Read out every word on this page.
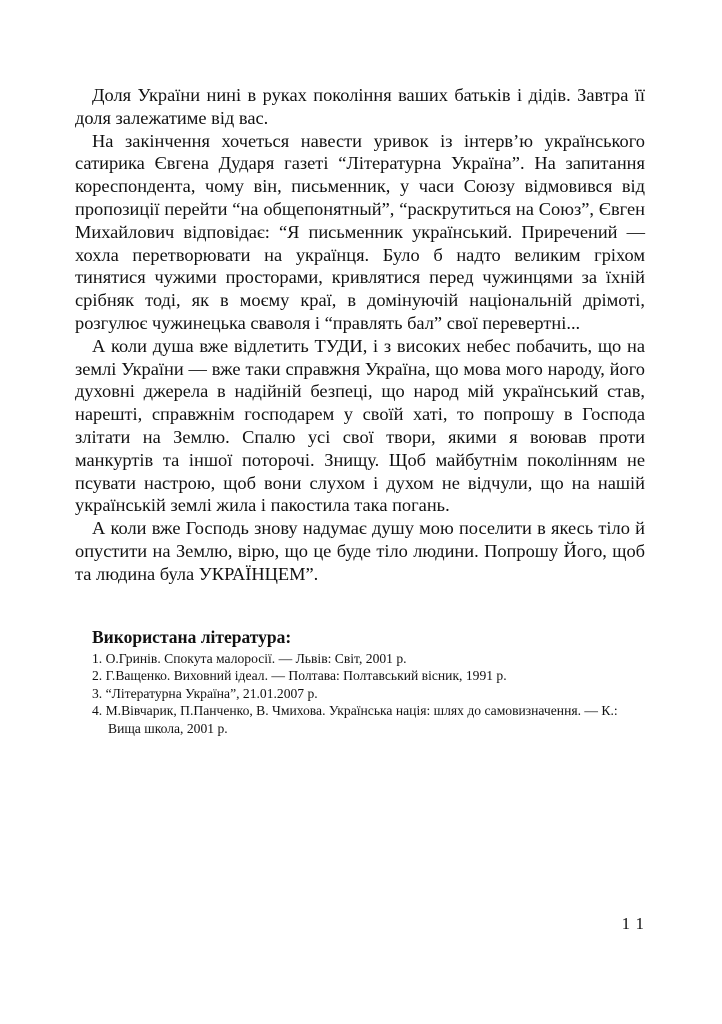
Доля України нині в руках покоління ваших батьків і дідів. Завтра її доля залежатиме від вас.

На закінчення хочеться навести уривок із інтерв’ю українського сатирика Євгена Дударя газеті “Літературна Україна”. На запитання кореспондента, чому він, письменник, у часи Союзу відмовився від пропозиції перейти “на общепонятный”, “раскрутиться на Союз”, Євген Михайлович відповідає: “Я письменник український. Приречений — хохла перетворювати на українця. Було б надто великим гріхом тинятися чужими просторами, кривлятися перед чужинцями за їхній срібняк тоді, як в моєму краї, в домінуючій національній дрімоті, розгулює чужинецька сваволя і “правлять бал” свої перевертні...

А коли душа вже відлетить ТУДИ, і з високих небес побачить, що на землі України — вже таки справжня Україна, що мова мого народу, його духовні джерела в надійній безпеці, що народ мій український став, нарешті, справжнім господарем у своїй хаті, то попрошу в Господа злітати на Землю. Спалю усі свої твори, якими я воював проти манкуртів та іншої поторочі. Знищу. Щоб майбутнім поколінням не псувати настрою, щоб вони слухом і духом не відчули, що на нашій українській землі жила і пакостила така погань.

А коли вже Господь знову надумає душу мою поселити в якесь тіло й опустити на Землю, вірю, що це буде тіло людини. Попрошу Його, щоб та людина була УКРАЇНЦЕМ”.

Використана література:
1. О.Гринів. Спокута малоросії. — Львів: Світ, 2001 р.
2. Г.Ващенко. Виховний ідеал. — Полтава: Полтавський вісник, 1991 р.
3. “Літературна Україна”, 21.01.2007 р.
4. М.Вівчарик, П.Панченко, В. Чмихова. Українська нація: шлях до самовизначення. — К.: Вища школа, 2001 р.
11
